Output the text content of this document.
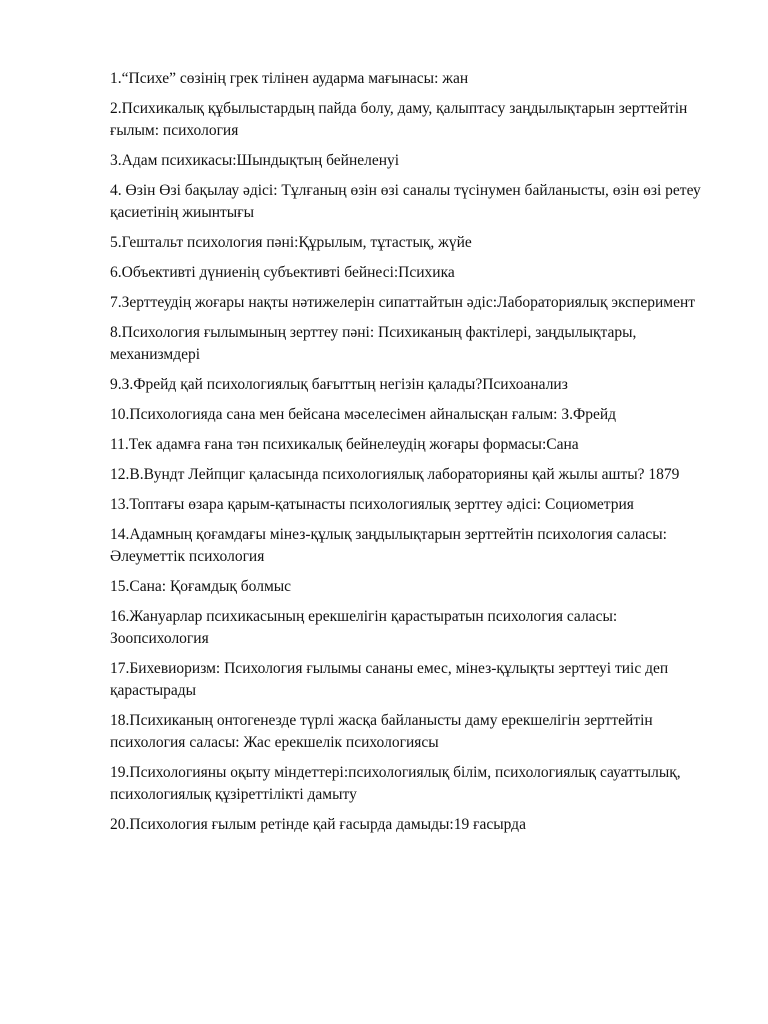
1.“Психе” сөзінің грек тілінен аудармa мағынасы: жан

2.Психикалық құбылыстардың пайда болу, даму, қалыптасу заңдылықтарын зерттейтін ғылым: психология

3.Адам психикасы:Шындықтың бейнеленуі

4. Өзін Өзі бақылау әдісі: Тұлғаның өзін өзі саналы түсінумен байланысты, өзін өзі ретеу қасиетінің жиынтығы

5.Гештальт психология пәні:Құрылым, тұтастық, жүйе

6.Объективті дүниенің субъективті бейнесі:Психика

7.Зерттеудің жоғары нақты нәтижелерін сипаттайтын әдіс:Лабораториялық эксперимент

8.Психология ғылымының зерттеу пәні: Психиканың фактілері, заңдылықтары, механизмдері

9.З.Фрейд қай психологиялық бағыттың негізін қалады?Психоанализ

10.Психологияда сана мен бейсана мәселесімен айналысқан ғалым: З.Фрейд

11.Тек адамға ғана тән психикалық бейнелеудің жоғары формасы:Сана

12.В.Вундт Лейпциг қаласында психологиялық лабораторияны қай жылы ашты? 1879

13.Топтағы өзара қарым-қатынасты психологиялық зерттеу әдісі: Социометрия

14.Адамның қоғамдағы мінез-құлық заңдылықтарын зерттейтін психология саласы: Әлеуметтік психология

15.Сана: Қоғамдық болмыс

16.Жануарлар психикасының ерекшелігін қарастыратын психология саласы: Зоопсихология

17.Бихевиоризм: Психология ғылымы сананы емес, мінез-құлықты зерттеуі тиіс деп қарастырады

18.Психиканың онтогенезде түрлі жасқа байланысты даму ерекшелігін зерттейтін психология саласы: Жас ерекшелік психологиясы

19.Психологияны оқыту міндеттері:психологиялық білім, психологиялық сауаттылық, психологиялық құзіреттілікті дамыту

20.Психология ғылым ретінде қай ғасырда дамыды:19 ғасырда
